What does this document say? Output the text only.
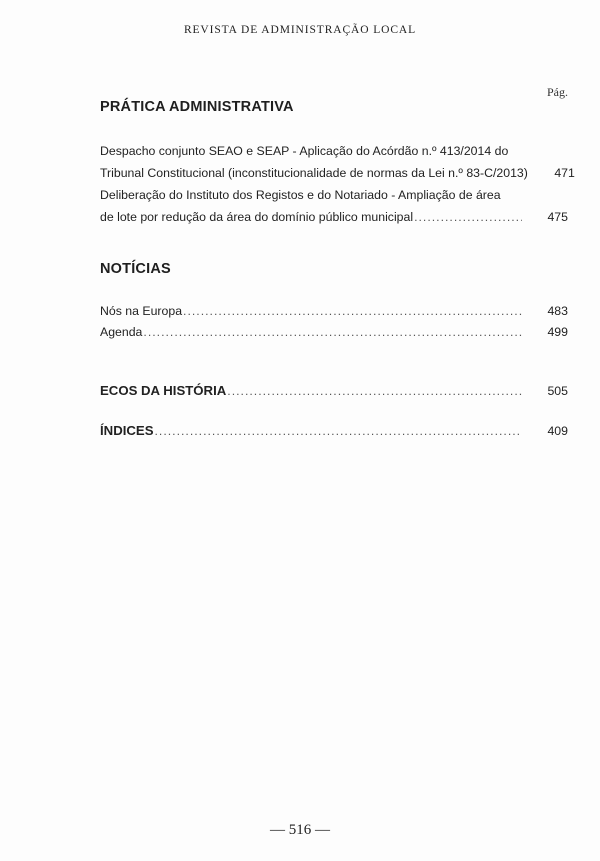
REVISTA DE ADMINISTRAÇÃO LOCAL
Pág.
PRÁTICA ADMINISTRATIVA
Despacho conjunto SEAO e SEAP - Aplicação do Acórdão n.º 413/2014 do
Tribunal Constitucional (inconstitucionalidade de normas da Lei n.º 83-C/2013)	471
Deliberação do Instituto dos Registos e do Notariado - Ampliação de área
de lote por redução da área do domínio público municipal .....	475
NOTÍCIAS
Nós na Europa .....	483
Agenda .....	499
ECOS DA HISTÓRIA .....	505
ÍNDICES .....	409
— 516 —
